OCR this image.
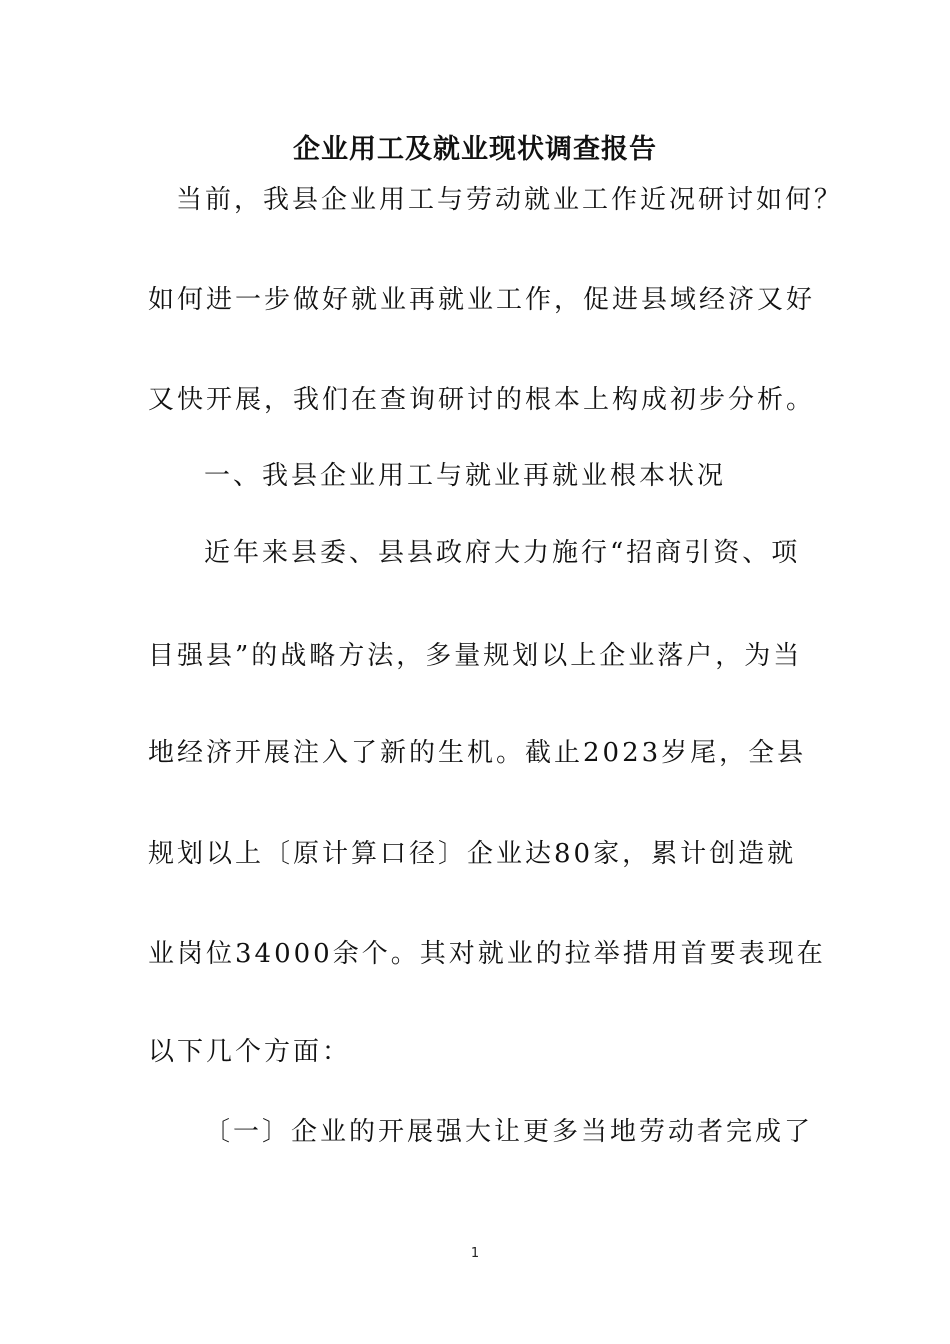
企业用工及就业现状调查报告
当前，我县企业用工与劳动就业工作近况研讨如何？
如何进一步做好就业再就业工作，促进县域经济又好
又快开展，我们在查询研讨的根本上构成初步分析。
一、我县企业用工与就业再就业根本状况
近年来县委、县县政府大力施行“招商引资、项
目强县”的战略方法，多量规划以上企业落户，为当
地经济开展注入了新的生机。截止2023岁尾，全县
规划以上〔原计算口径〕企业达80家，累计创造就
业岗位34000余个。其对就业的拉举措用首要表现在
以下几个方面：
〔一〕企业的开展强大让更多当地劳动者完成了
1
